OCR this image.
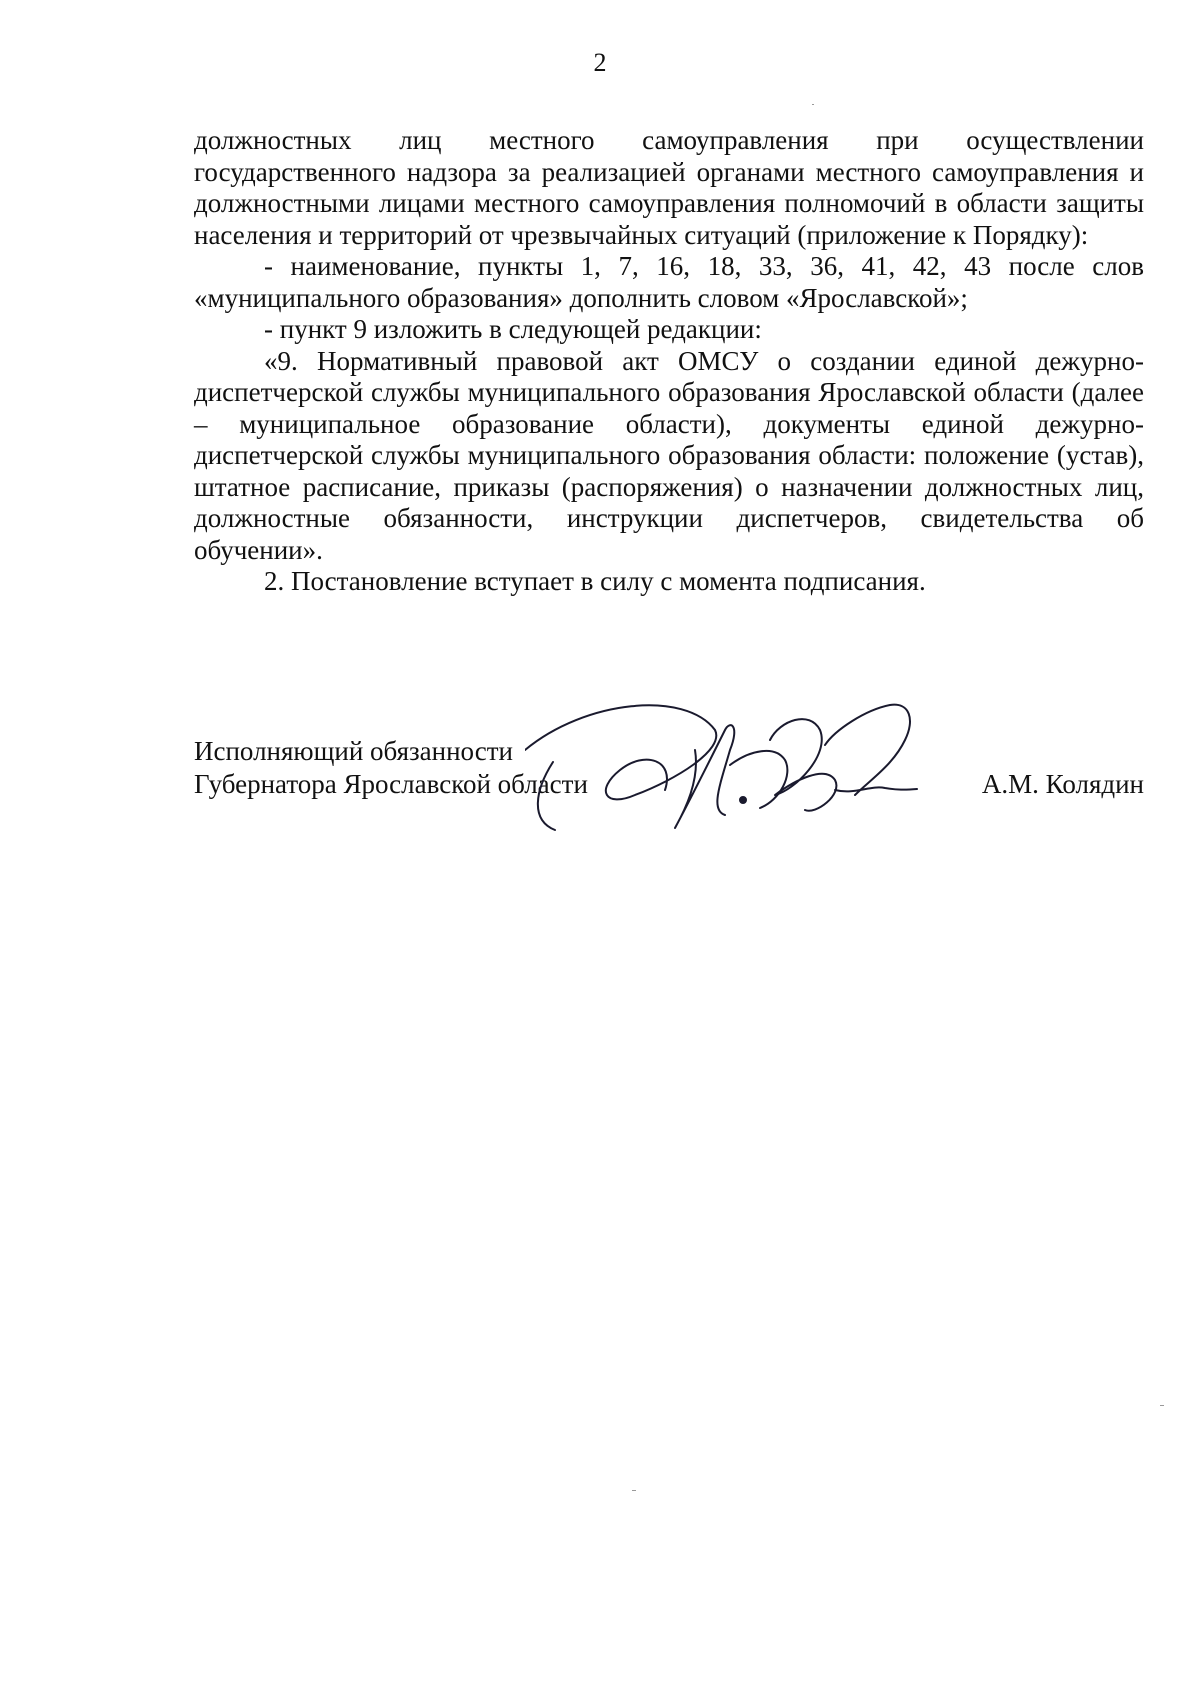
2

должностных лиц местного самоуправления при осуществлении государственного надзора за реализацией органами местного самоуправления и должностными лицами местного самоуправления полномочий в области защиты населения и территорий от чрезвычайных ситуаций (приложение к Порядку):

- наименование, пункты 1, 7, 16, 18, 33, 36, 41, 42, 43 после слов «муниципального образования» дополнить словом «Ярославской»;

- пункт 9 изложить в следующей редакции:

«9. Нормативный правовой акт ОМСУ о создании единой дежурно-диспетчерской службы муниципального образования Ярославской области (далее – муниципальное образование области), документы единой дежурно-диспетчерской службы муниципального образования области: положение (устав), штатное расписание, приказы (распоряжения) о назначении должностных лиц, должностные обязанности, инструкции диспетчеров, свидетельства об обучении».

2. Постановление вступает в силу с момента подписания.

Исполняющий обязанности
Губернатора Ярославской области	А.М. Колядин
